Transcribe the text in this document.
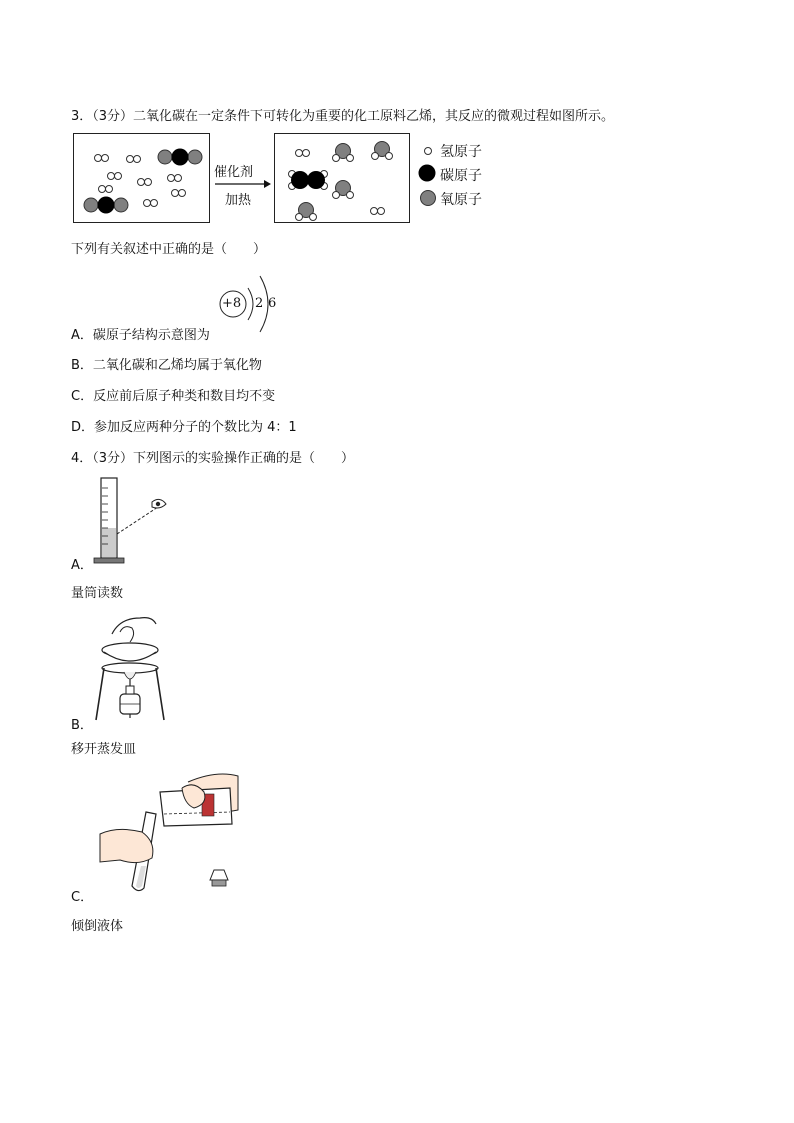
3．（3分）二氧化碳在一定条件下可转化为重要的化工原料乙烯，其反应的微观过程如图所示。
催化剂
加热
氢原子
碳原子
氧原子
下列有关叙述中正确的是（　　）
+8 2 6
A．碳原子结构示意图为
B．二氧化碳和乙烯均属于氧化物
C．反应前后原子种类和数目均不变
D．参加反应两种分子的个数比为 4：1
4．（3分）下列图示的实验操作正确的是（　　）
A．
量筒读数
B．
移开蒸发皿
C．
倾倒液体
